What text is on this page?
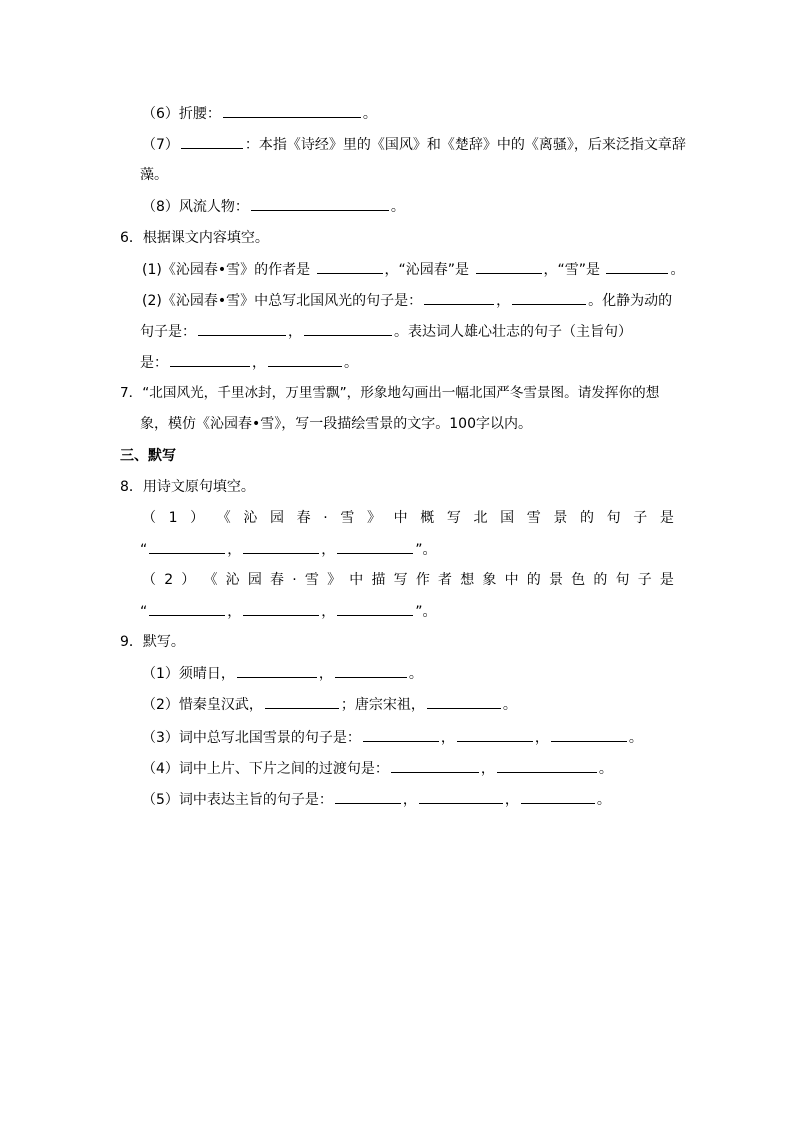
（6）折腰：	。
（7）	：本指《诗经》里的《国风》和《楚辞》中的《离骚》，后来泛指文章辞
藻。
（8）风流人物：	。
6．根据课文内容填空。
(1)《沁园春•雪》的作者是	，“沁园春”是	，“雪”是	。
(2)《沁园春•雪》中总写北国风光的句子是：	，	。化静为动的
句子是：	，	。表达词人雄心壮志的句子（主旨句）
是：	，	。
7．“北国风光，千里冰封，万里雪飘”，形象地勾画出一幅北国严冬雪景图。请发挥你的想
象，模仿《沁园春•雪》，写一段描绘雪景的文字。100字以内。
三、默写
8．用诗文原句填空。
（ 1 ） 《 沁 园 春 · 雪 》 中 概 写 北 国 雪 景 的 句 子 是
“	，	，	”。
（ 2 ） 《 沁 园 春 · 雪 》 中 描 写 作 者 想 象 中 的 景 色 的 句 子 是
“	，	，	”。
9．默写。
（1）须晴日，	，	。
（2）惜秦皇汉武，	；唐宗宋祖，	。
（3）词中总写北国雪景的句子是：	，	，	。
（4）词中上片、下片之间的过渡句是：	，	。
（5）词中表达主旨的句子是：	，	，	。
